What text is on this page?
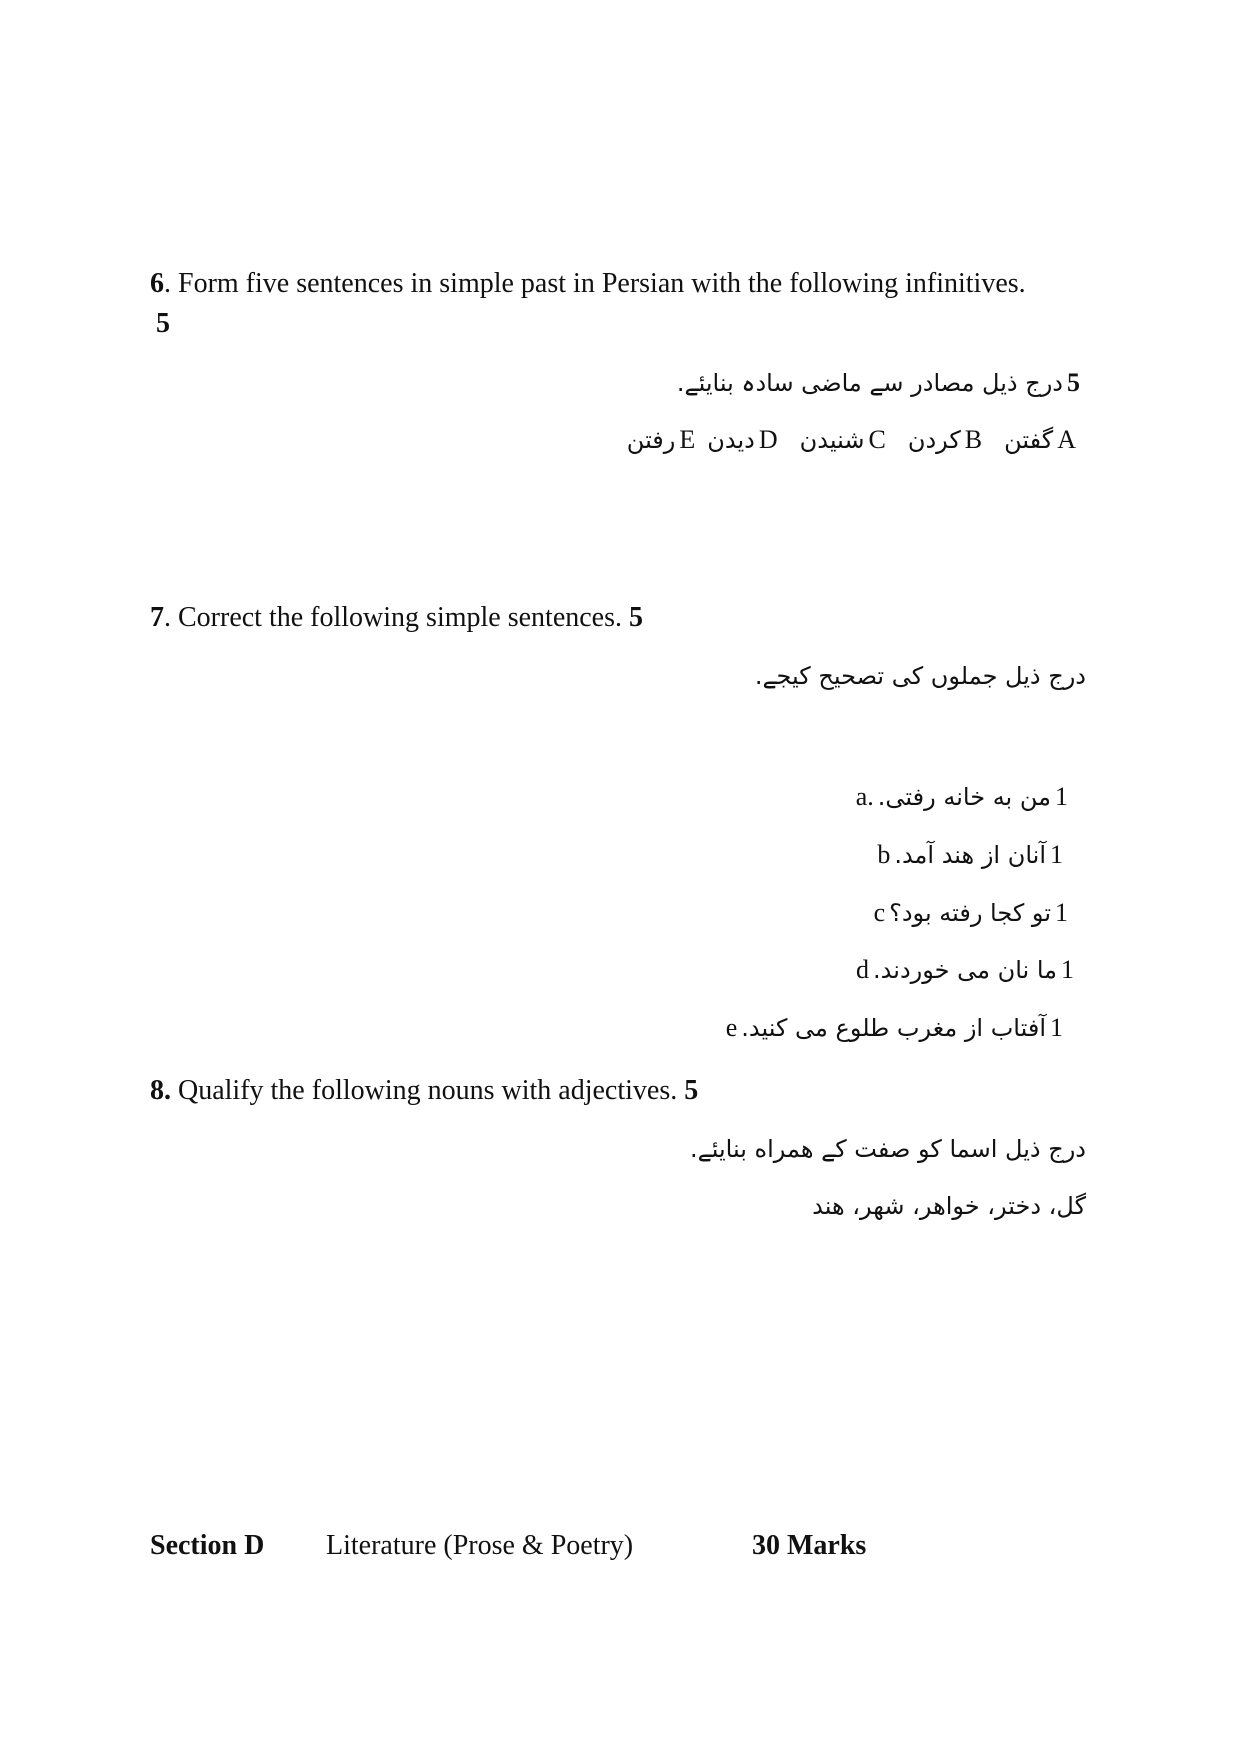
6. Form five sentences in simple past in Persian with the following infinitives.
5
درج ذیل مصادر سے ماضی سادہ بنایئے. 5
A گفتن B کردن C شنیدن D دیدن E رفتن
7. Correct the following simple sentences. 5
درج ذیل جملوں کی تصحیح کیجے.
a. من به خانه رفتی. 1
b آنان از هند آمد. 1
c تو کجا رفته بود؟ 1
d ما نان می خوردند. 1
e آفتاب از مغرب طلوع می کنید. 1
8. Qualify the following nouns with adjectives. 5
درج ذیل اسما کو صفت کے همراه بنایئے.
گل، دختر، خواهر، شهر، هند
Section D Literature (Prose & Poetry)	30 Marks
